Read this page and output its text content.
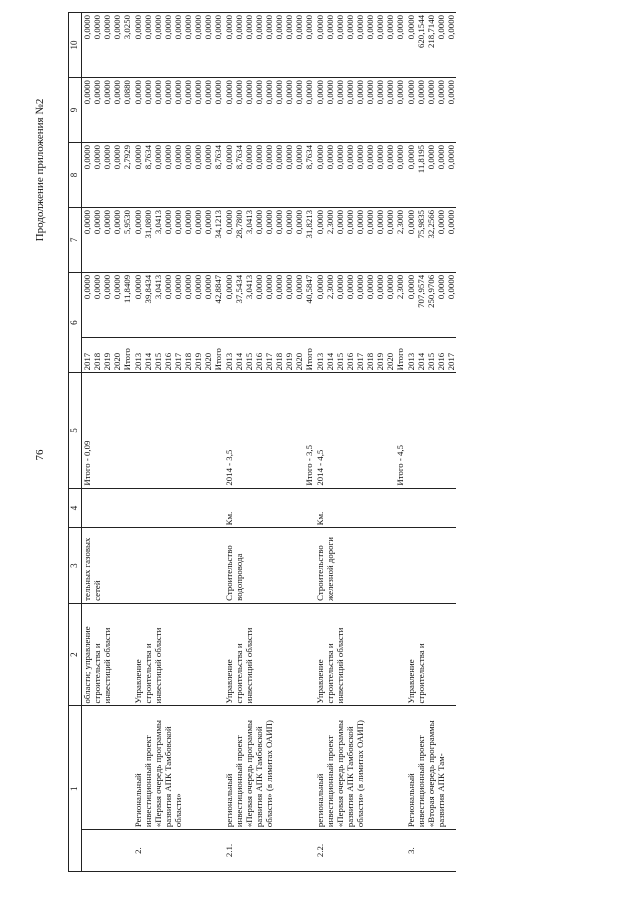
76
Продолжение приложения №2
1		2	3	4	5	6		7	8	9	10
		области; управление строительства и инвестиций области	тельных газовых сетей		Итого - 0,09	2017	0,0000	0,0000	0,0000	0,0000	0,0000
						2018	0,0000	0,0000	0,0000	0,0000	0,0000
						2019	0,0000	0,0000	0,0000	0,0000	0,0000
						2020	0,0000	0,0000	0,0000	0,0000	0,0000
						Итого	11,8409	5,9530	2,7929	0,0880	3,0250
2.	Региональный инвестиционный проект «Первая очередь программы развития АПК Тамбовской области»	Управление строительства и инвестиций области				2013	0,0000	0,0000	0,0000	0,0000	0,0000
						2014	39,8434	31,0800	8,7634	0,0000	0,0000
						2015	3,0413	3,0413	0,0000	0,0000	0,0000
						2016	0,0000	0,0000	0,0000	0,0000	0,0000
						2017	0,0000	0,0000	0,0000	0,0000	0,0000
						2018	0,0000	0,0000	0,0000	0,0000	0,0000
						2019	0,0000	0,0000	0,0000	0,0000	0,0000
						2020	0,0000	0,0000	0,0000	0,0000	0,0000
						Итого	42,8847	34,1213	8,7634	0,0000	0,0000
2.1.	региональный инвестиционный проект «Первая очередь программы развития АПК Тамбовской области» (в лимитах ОАИП)	Управление строительства и инвестиций области	Строительство водопровода	Км.	2014 - 3,5 Итого - 3,5	2013	0,0000	0,0000	0,0000	0,0000	0,0000
						2014	37,5434	28,7800	8,7634	0,0000	0,0000
						2015	3,0413	3,0413	0,0000	0,0000	0,0000
						2016	0,0000	0,0000	0,0000	0,0000	0,0000
						2017	0,0000	0,0000	0,0000	0,0000	0,0000
						2018	0,0000	0,0000	0,0000	0,0000	0,0000
						2019	0,0000	0,0000	0,0000	0,0000	0,0000
						2020	0,0000	0,0000	0,0000	0,0000	0,0000
						Итого	40,5847	31,8213	8,7634	0,0000	0,0000
2.2.	региональный инвестиционный проект «Первая очередь программы развития АПК Тамбовской области» (в лимитах ОАИП)	Управление строительства и инвестиций области	Строительство железной дороги	Км.	2014 - 4,5 Итого - 4,5	2013	0,0000	0,0000	0,0000	0,0000	0,0000
						2014	2,3000	2,3000	0,0000	0,0000	0,0000
						2015	0,0000	0,0000	0,0000	0,0000	0,0000
						2016	0,0000	0,0000	0,0000	0,0000	0,0000
						2017	0,0000	0,0000	0,0000	0,0000	0,0000
						2018	0,0000	0,0000	0,0000	0,0000	0,0000
						2019	0,0000	0,0000	0,0000	0,0000	0,0000
						2020	0,0000	0,0000	0,0000	0,0000	0,0000
						Итого	2,3000	2,3000	0,0000	0,0000	0,0000
3.	Региональный инвестиционный проект «Вторая очередь программы развития АПК Там-	Управление строительства и				2013	0,0000	0,0000	0,0000	0,0000	0,0000
						2014	707,9574	75,9835	11,8195	0,0000	620,1544
						2015	250,9706	32,2566	0,0000	0,0000	218,7140
						2016	0,0000	0,0000	0,0000	0,0000	0,0000
						2017	0,0000	0,0000	0,0000	0,0000	0,0000
